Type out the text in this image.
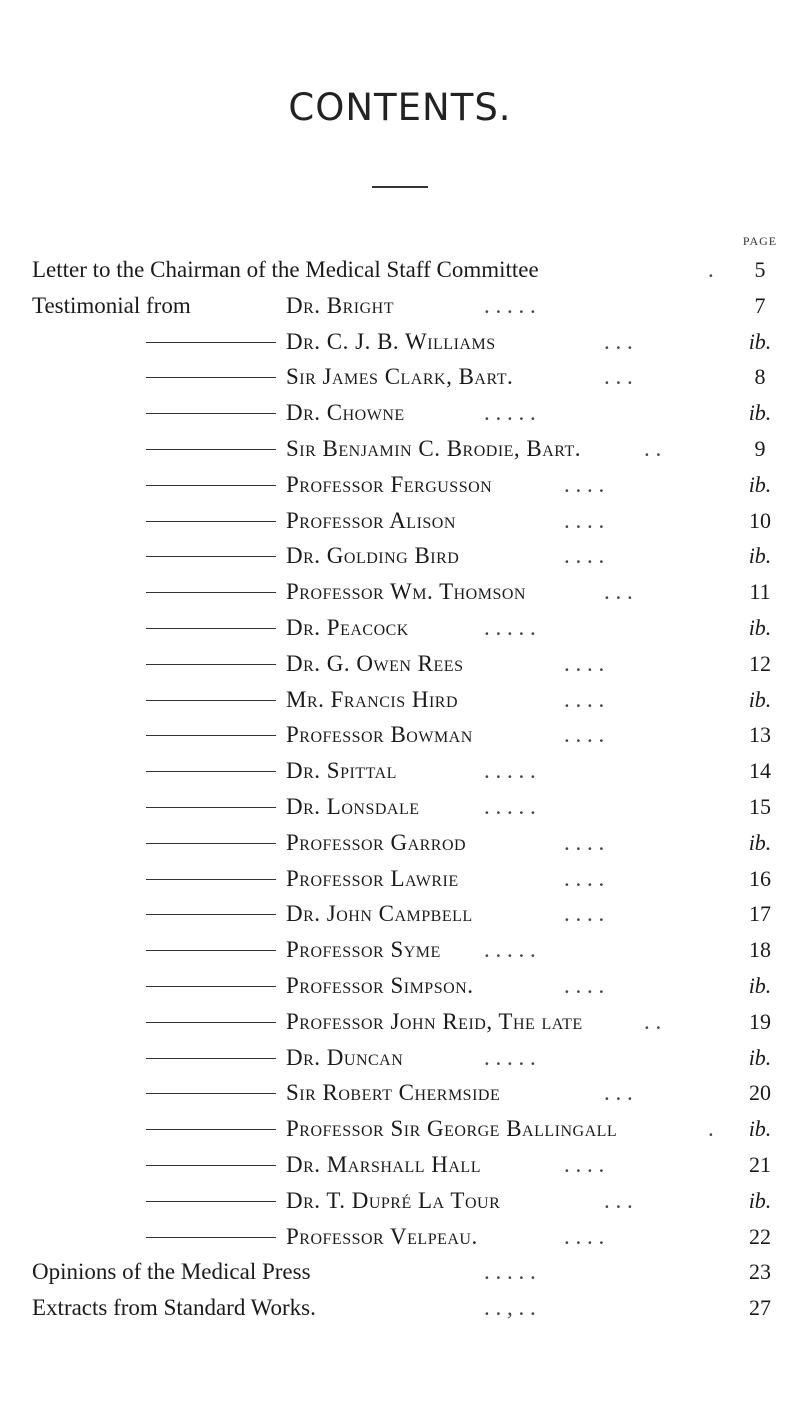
CONTENTS.
PAGE
Letter to the Chairman of the Medical Staff Committee	.	5
Testimonial from	Dr. Bright	. . . . .	7
Dr. C. J. B. Williams	. . .	ib.
Sir James Clark, Bart.	. . .	8
Dr. Chowne	. . . . .	ib.
Sir Benjamin C. Brodie, Bart.	. .	9
Professor Fergusson	. . . .	ib.
Professor Alison	. . . .	10
Dr. Golding Bird	. . . .	ib.
Professor Wm. Thomson	. . .	11
Dr. Peacock	. . . . .	ib.
Dr. G. Owen Rees	. . . .	12
Mr. Francis Hird	. . . .	ib.
Professor Bowman	. . . .	13
Dr. Spittal	. . . . .	14
Dr. Lonsdale	. . . . .	15
Professor Garrod	. . . .	ib.
Professor Lawrie	. . . .	16
Dr. John Campbell	. . . .	17
Professor Syme . . . . .	18
Professor Simpson.	. . . .	ib.
Professor John Reid, The late	. .	19
Dr. Duncan	. . . . .	ib.
Sir Robert Chermside	. . .	20
Professor Sir George Ballingall	.	ib.
Dr. Marshall Hall	. . . .	21
Dr. T. Dupré La Tour	. . .	ib.
Professor Velpeau.	. . . .	22
Opinions of the Medical Press	. . . . .	23
Extracts from Standard Works.	. . , . .	27
